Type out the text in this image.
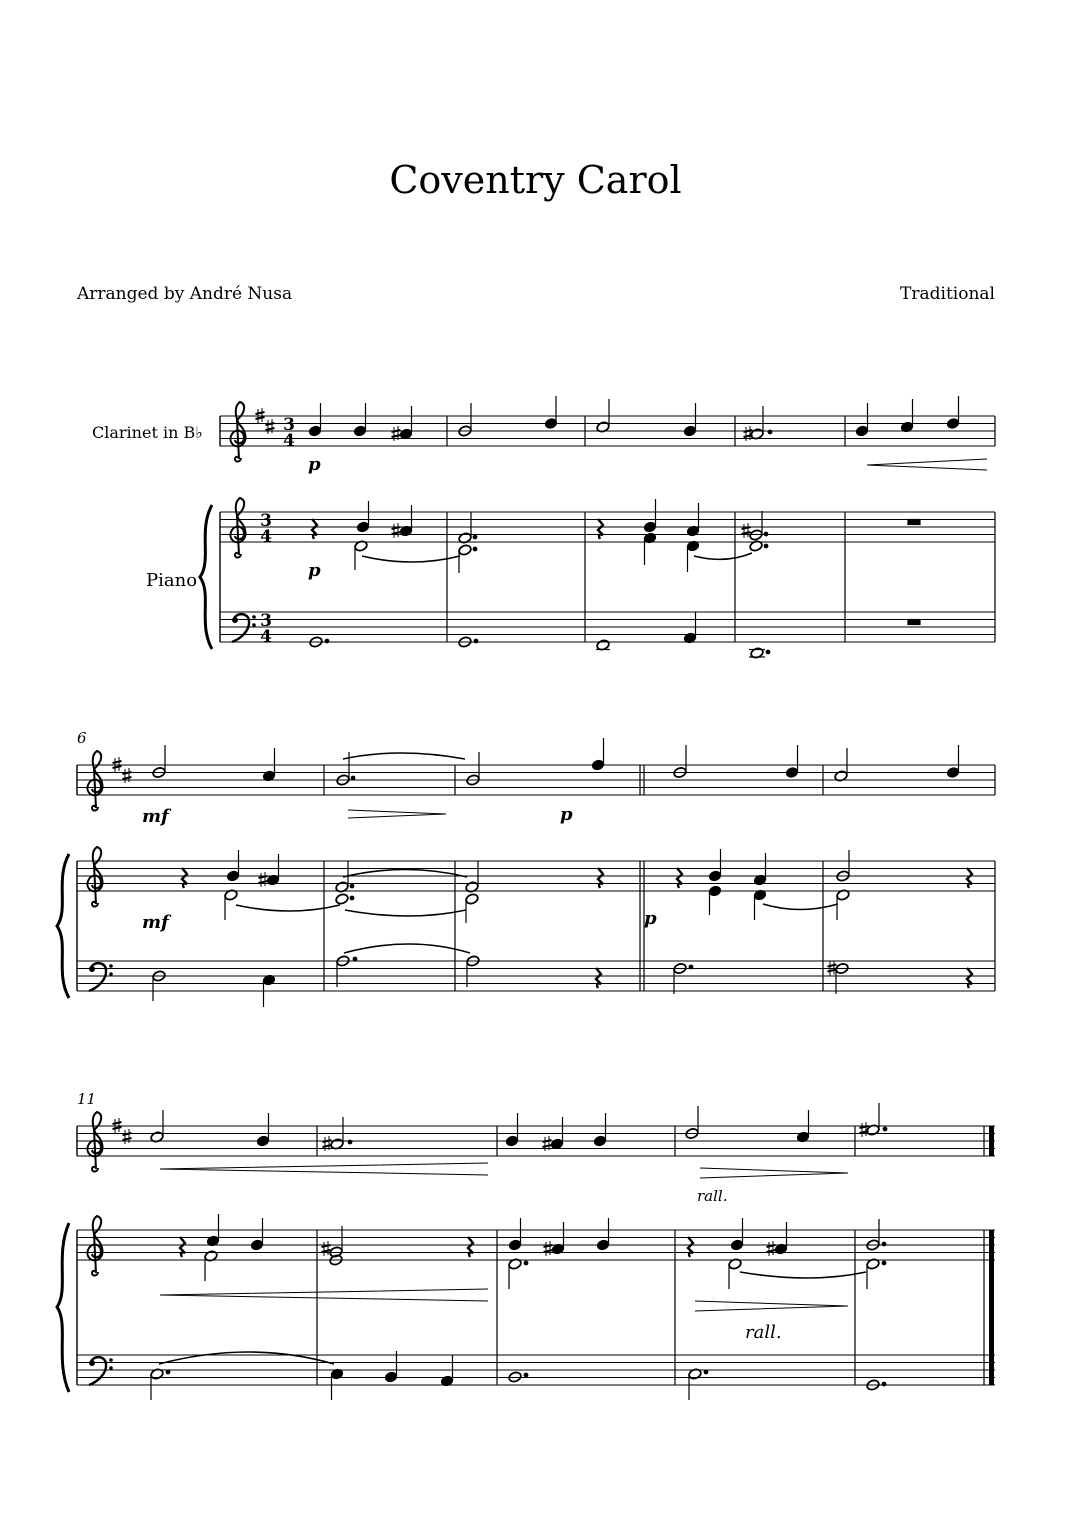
Coventry Carol
Arranged by André Nusa	Traditional
Clarinet in B♭
Piano
3
4
3
4
3
4
p
p
6
mf	p
mf	p
11
rall.
rall.
